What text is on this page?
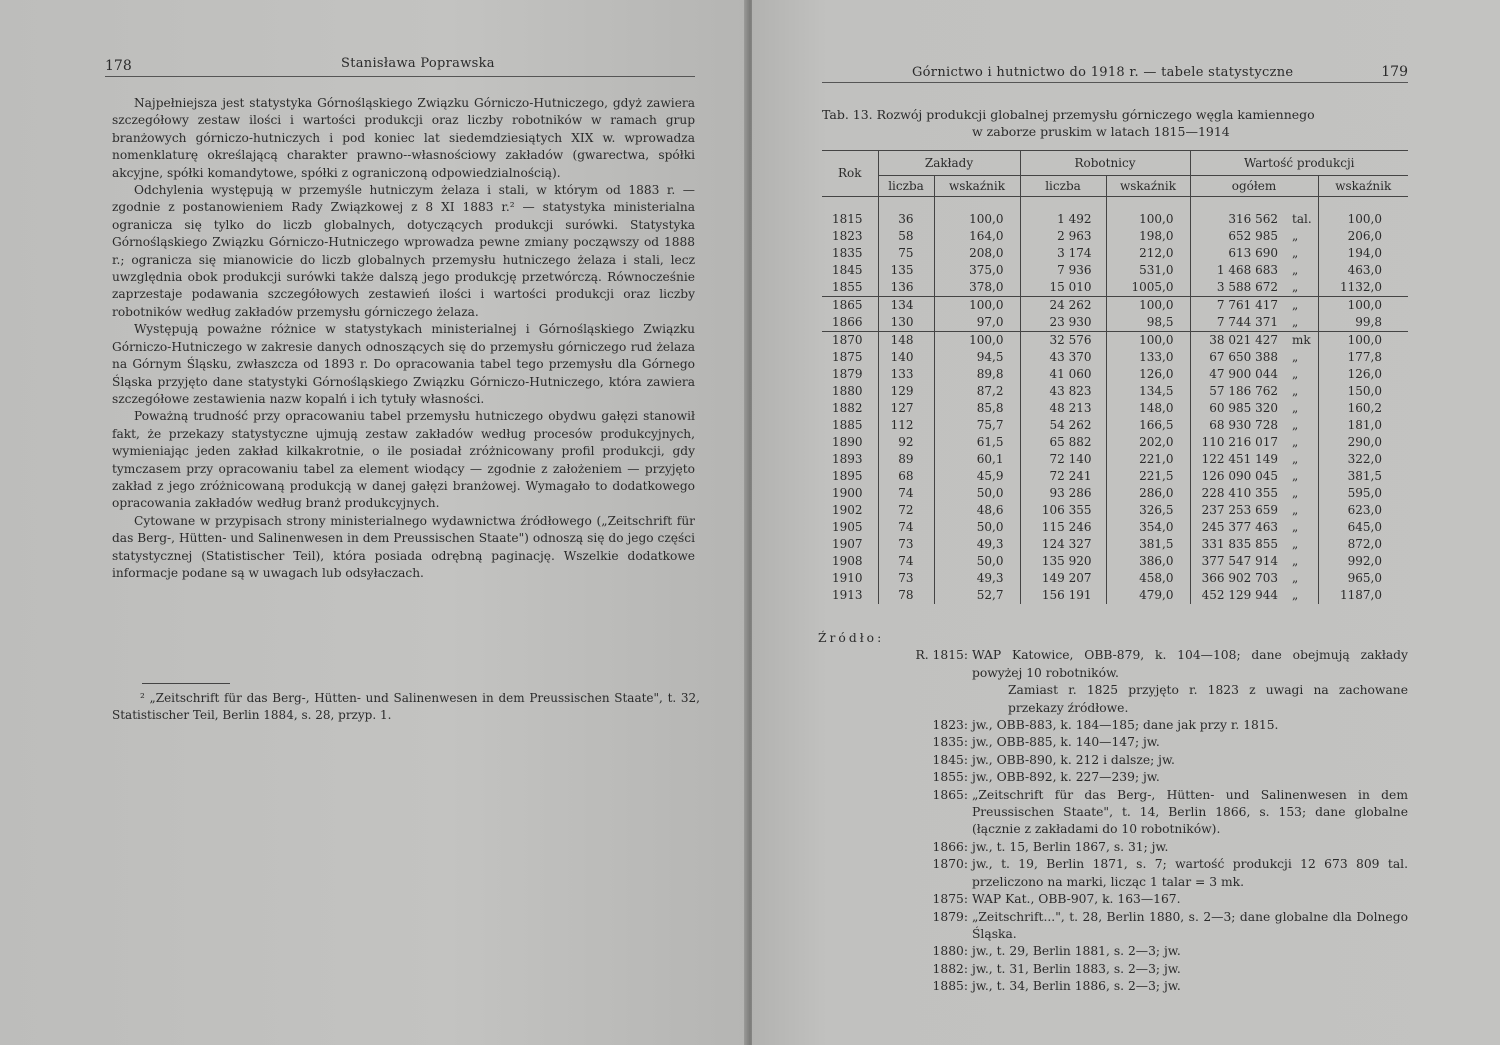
178	Stanisława Poprawska

Najpełniejsza jest statystyka Górnośląskiego Związku Górniczo-Hutniczego, gdyż zawiera szczegółowy zestaw ilości i wartości produkcji oraz liczby robotników w ramach grup branżowych górniczo-hutniczych i pod koniec lat siedemdziesiątych XIX w. wprowadza nomenklaturę określającą charakter prawno--własnościowy zakładów (gwarectwa, spółki akcyjne, spółki komandytowe, spółki z ograniczoną odpowiedzialnością).

Odchylenia występują w przemyśle hutniczym żelaza i stali, w którym od 1883 r. — zgodnie z postanowieniem Rady Związkowej z 8 XI 1883 r.² — statystyka ministerialna ogranicza się tylko do liczb globalnych, dotyczących produkcji surówki. Statystyka Górnośląskiego Związku Górniczo-Hutniczego wprowadza pewne zmiany począwszy od 1888 r.; ogranicza się mianowicie do liczb globalnych przemysłu hutniczego żelaza i stali, lecz uwzględnia obok produkcji surówki także dalszą jego produkcję przetwórczą. Równocześnie zaprzestaje podawania szczegółowych zestawień ilości i wartości produkcji oraz liczby robotników według zakładów przemysłu górniczego żelaza.

Występują poważne różnice w statystykach ministerialnej i Górnośląskiego Związku Górniczo-Hutniczego w zakresie danych odnoszących się do przemysłu górniczego rud żelaza na Górnym Śląsku, zwłaszcza od 1893 r. Do opracowania tabel tego przemysłu dla Górnego Śląska przyjęto dane statystyki Górnośląskiego Związku Górniczo-Hutniczego, która zawiera szczegółowe zestawienia nazw kopalń i ich tytuły własności.

Poważną trudność przy opracowaniu tabel przemysłu hutniczego obydwu gałęzi stanowił fakt, że przekazy statystyczne ujmują zestaw zakładów według procesów produkcyjnych, wymieniając jeden zakład kilkakrotnie, o ile posiadał zróżnicowany profil produkcji, gdy tymczasem przy opracowaniu tabel za element wiodący — zgodnie z założeniem — przyjęto zakład z jego zróżnicowaną produkcją w danej gałęzi branżowej. Wymagało to dodatkowego opracowania zakładów według branż produkcyjnych.

Cytowane w przypisach strony ministerialnego wydawnictwa źródłowego („Zeitschrift für das Berg-, Hütten- und Salinenwesen in dem Preussischen Staate") odnoszą się do jego części statystycznej (Statistischer Teil), która posiada odrębną paginację. Wszelkie dodatkowe informacje podane są w uwagach lub odsyłaczach.

² „Zeitschrift für das Berg-, Hütten- und Salinenwesen in dem Preussischen Staate", t. 32, Statistischer Teil, Berlin 1884, s. 28, przyp. 1.
Górnictwo i hutnictwo do 1918 r. — tabele statystyczne	179
Tab. 13. Rozwój produkcji globalnej przemysłu górniczego węgla kamiennego
w zaborze pruskim w latach 1815—1914
Rok	Zakłady		Robotnicy		Wartość produkcji		
	liczba	wskaźnik	liczba	wskaźnik	ogółem		wskaźnik
1815	36	100,0	1 492	100,0	316 562	tal.	100,0
1823	58	164,0	2 963	198,0	652 985	„	206,0
1835	75	208,0	3 174	212,0	613 690	„	194,0
1845	135	375,0	7 936	531,0	1 468 683	„	463,0
1855	136	378,0	15 010	1005,0	3 588 672	„	1132,0
1865	134	100,0	24 262	100,0	7 761 417	„	100,0
1866	130	97,0	23 930	98,5	7 744 371	„	99,8
1870	148	100,0	32 576	100,0	38 021 427	mk	100,0
1875	140	94,5	43 370	133,0	67 650 388	„	177,8
1879	133	89,8	41 060	126,0	47 900 044	„	126,0
1880	129	87,2	43 823	134,5	57 186 762	„	150,0
1882	127	85,8	48 213	148,0	60 985 320	„	160,2
1885	112	75,7	54 262	166,5	68 930 728	„	181,0
1890	92	61,5	65 882	202,0	110 216 017	„	290,0
1893	89	60,1	72 140	221,0	122 451 149	„	322,0
1895	68	45,9	72 241	221,5	126 090 045	„	381,5
1900	74	50,0	93 286	286,0	228 410 355	„	595,0
1902	72	48,6	106 355	326,5	237 253 659	„	623,0
1905	74	50,0	115 246	354,0	245 377 463	„	645,0
1907	73	49,3	124 327	381,5	331 835 855	„	872,0
1908	74	50,0	135 920	386,0	377 547 914	„	992,0
1910	73	49,3	149 207	458,0	366 902 703	„	965,0
1913	78	52,7	156 191	479,0	452 129 944	„	1187,0
Źródło:
R. 1815: WAP Katowice, OBB-879, k. 104—108; dane obejmują zakłady powyżej 10 robotników.
Zamiast r. 1825 przyjęto r. 1823 z uwagi na zachowane przekazy źródłowe.
1823: jw., OBB-883, k. 184—185; dane jak przy r. 1815.
1835: jw., OBB-885, k. 140—147; jw.
1845: jw., OBB-890, k. 212 i dalsze; jw.
1855: jw., OBB-892, k. 227—239; jw.
1865: „Zeitschrift für das Berg-, Hütten- und Salinenwesen in dem Preussischen Staate", t. 14, Berlin 1866, s. 153; dane globalne (łącznie z zakładami do 10 robotników).
1866: jw., t. 15, Berlin 1867, s. 31; jw.
1870: jw., t. 19, Berlin 1871, s. 7; wartość produkcji 12 673 809 tal. przeliczono na marki, licząc 1 talar = 3 mk.
1875: WAP Kat., OBB-907, k. 163—167.
1879: „Zeitschrift...", t. 28, Berlin 1880, s. 2—3; dane globalne dla Dolnego Śląska.
1880: jw., t. 29, Berlin 1881, s. 2—3; jw.
1882: jw., t. 31, Berlin 1883, s. 2—3; jw.
1885: jw., t. 34, Berlin 1886, s. 2—3; jw.
